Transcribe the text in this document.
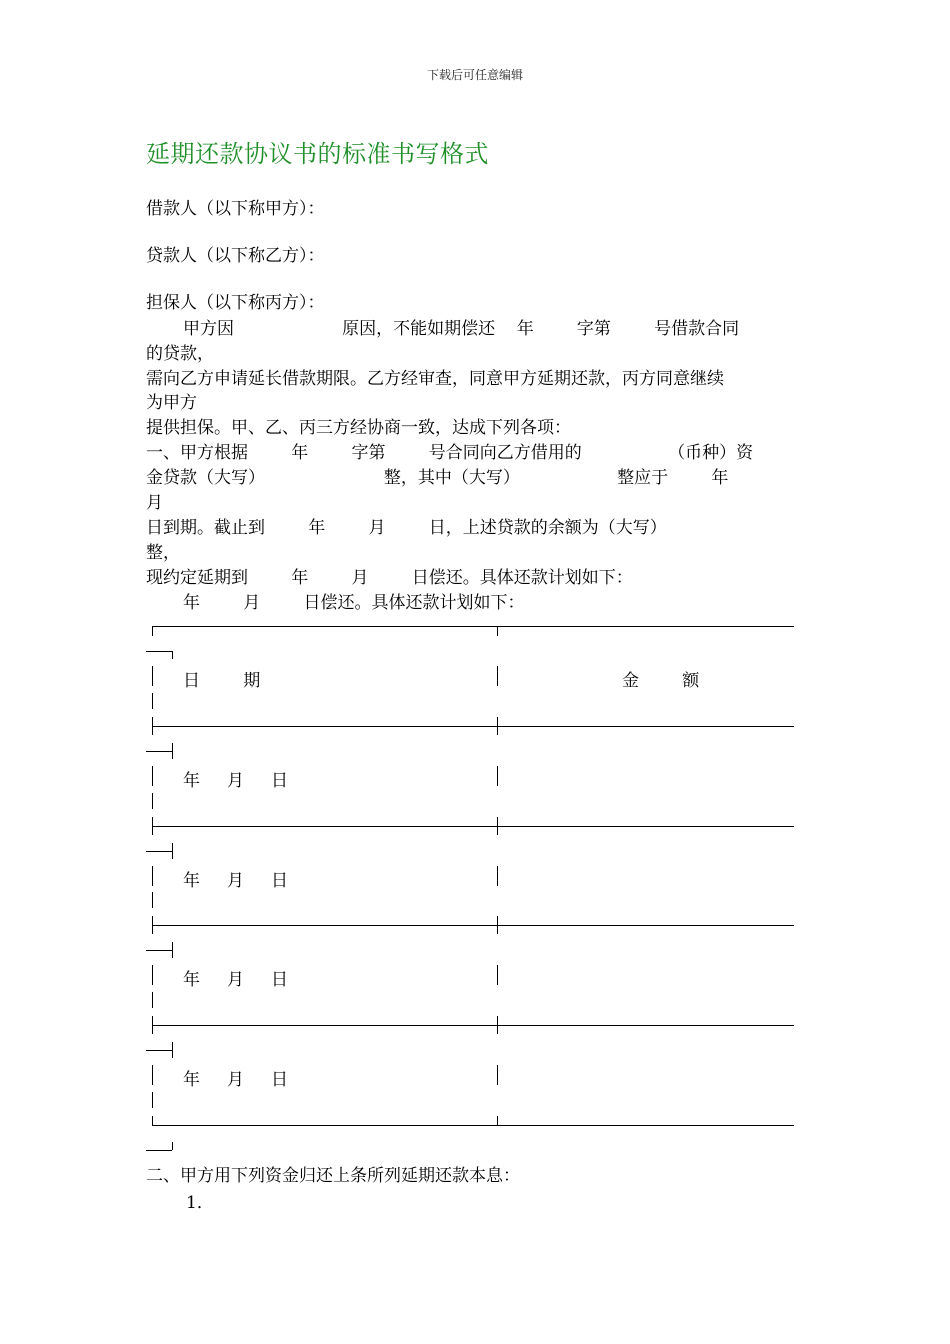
下载后可任意编辑
延期还款协议书的标准书写格式
借款人（以下称甲方）：
贷款人（以下称乙方）：
担保人（以下称丙方）：
甲方因                    原因，不能如期偿还    年        字第        号借款合同
的贷款，
需向乙方申请延长借款期限。乙方经审查，同意甲方延期还款，丙方同意继续
为甲方
提供担保。甲、乙、丙三方经协商一致，达成下列各项：
一、甲方根据        年        字第        号合同向乙方借用的                （币种）资
金贷款（大写）                      整，其中（大写）                  整应于        年
月
日到期。截止到        年        月        日，上述贷款的余额为（大写）
整，
现约定延期到        年        月        日偿还。具体还款计划如下：
年        月        日偿还。具体还款计划如下：
日        期	金        额
年     月     日
年     月     日
年     月     日
年     月     日
二、甲方用下列资金归还上条所列延期还款本息：
1．
